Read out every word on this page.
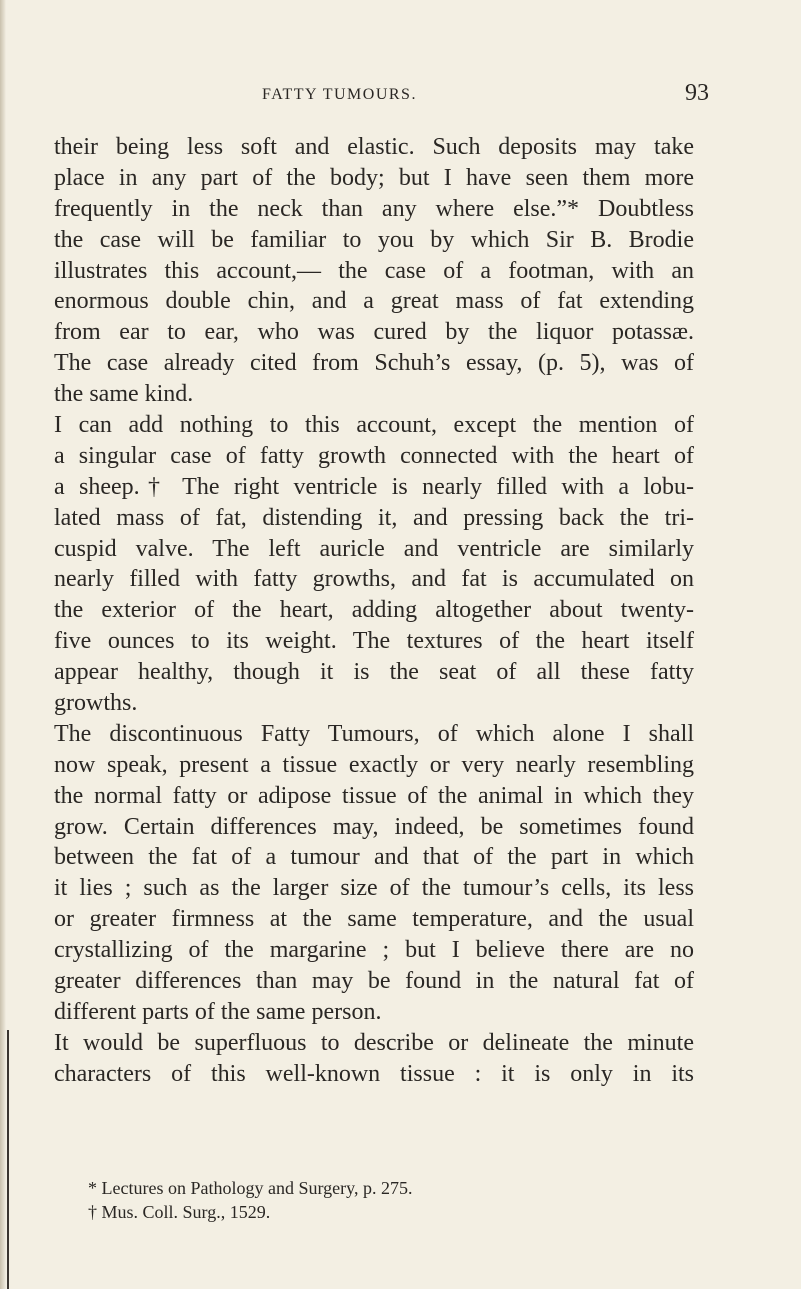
FATTY TUMOURS.	93
their being less soft and elastic. Such deposits may take
place in any part of the body; but I have seen them more
frequently in the neck than any where else.”* Doubtless
the case will be familiar to you by which Sir B. Brodie
illustrates this account,— the case of a footman, with an
enormous double chin, and a great mass of fat extending
from ear to ear, who was cured by the liquor potassæ.
The case already cited from Schuh’s essay, (p. 5), was of
the same kind.
I can add nothing to this account, except the mention of
a singular case of fatty growth connected with the heart of
a sheep.† The right ventricle is nearly filled with a lobu-
lated mass of fat, distending it, and pressing back the tri-
cuspid valve. The left auricle and ventricle are similarly
nearly filled with fatty growths, and fat is accumulated on
the exterior of the heart, adding altogether about twenty-
five ounces to its weight. The textures of the heart itself
appear healthy, though it is the seat of all these fatty
growths.
The discontinuous Fatty Tumours, of which alone I shall
now speak, present a tissue exactly or very nearly resembling
the normal fatty or adipose tissue of the animal in which they
grow. Certain differences may, indeed, be sometimes found
between the fat of a tumour and that of the part in which
it lies ; such as the larger size of the tumour’s cells, its less
or greater firmness at the same temperature, and the usual
crystallizing of the margarine ; but I believe there are no
greater differences than may be found in the natural fat of
different parts of the same person.
It would be superfluous to describe or delineate the minute
characters of this well-known tissue : it is only in its
* Lectures on Pathology and Surgery, p. 275.
† Mus. Coll. Surg., 1529.
